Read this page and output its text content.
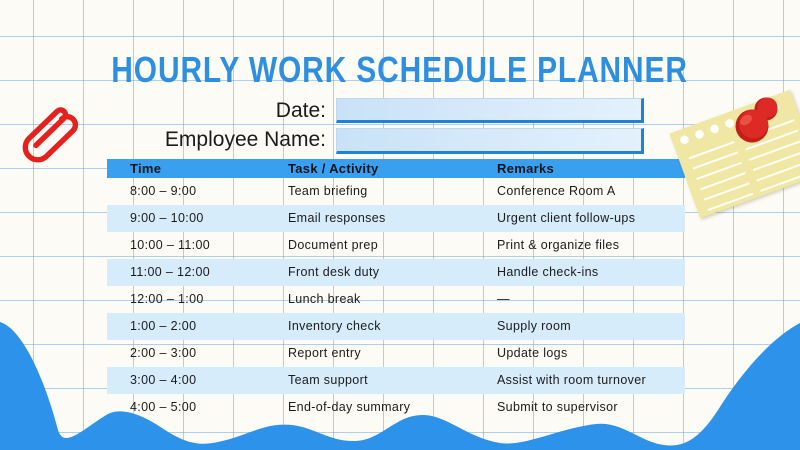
HOURLY WORK SCHEDULE PLANNER
Date:
Employee Name:
Time	Task / Activity	Remarks
8:00 – 9:00	Team briefing	Conference Room A
9:00 – 10:00	Email responses	Urgent client follow-ups
10:00 – 11:00	Document prep	Print & organize files
11:00 – 12:00	Front desk duty	Handle check-ins
12:00 – 1:00	Lunch break	—
1:00 – 2:00	Inventory check	Supply room
2:00 – 3:00	Report entry	Update logs
3:00 – 4:00	Team support	Assist with room turnover
4:00 – 5:00	End-of-day summary	Submit to supervisor
